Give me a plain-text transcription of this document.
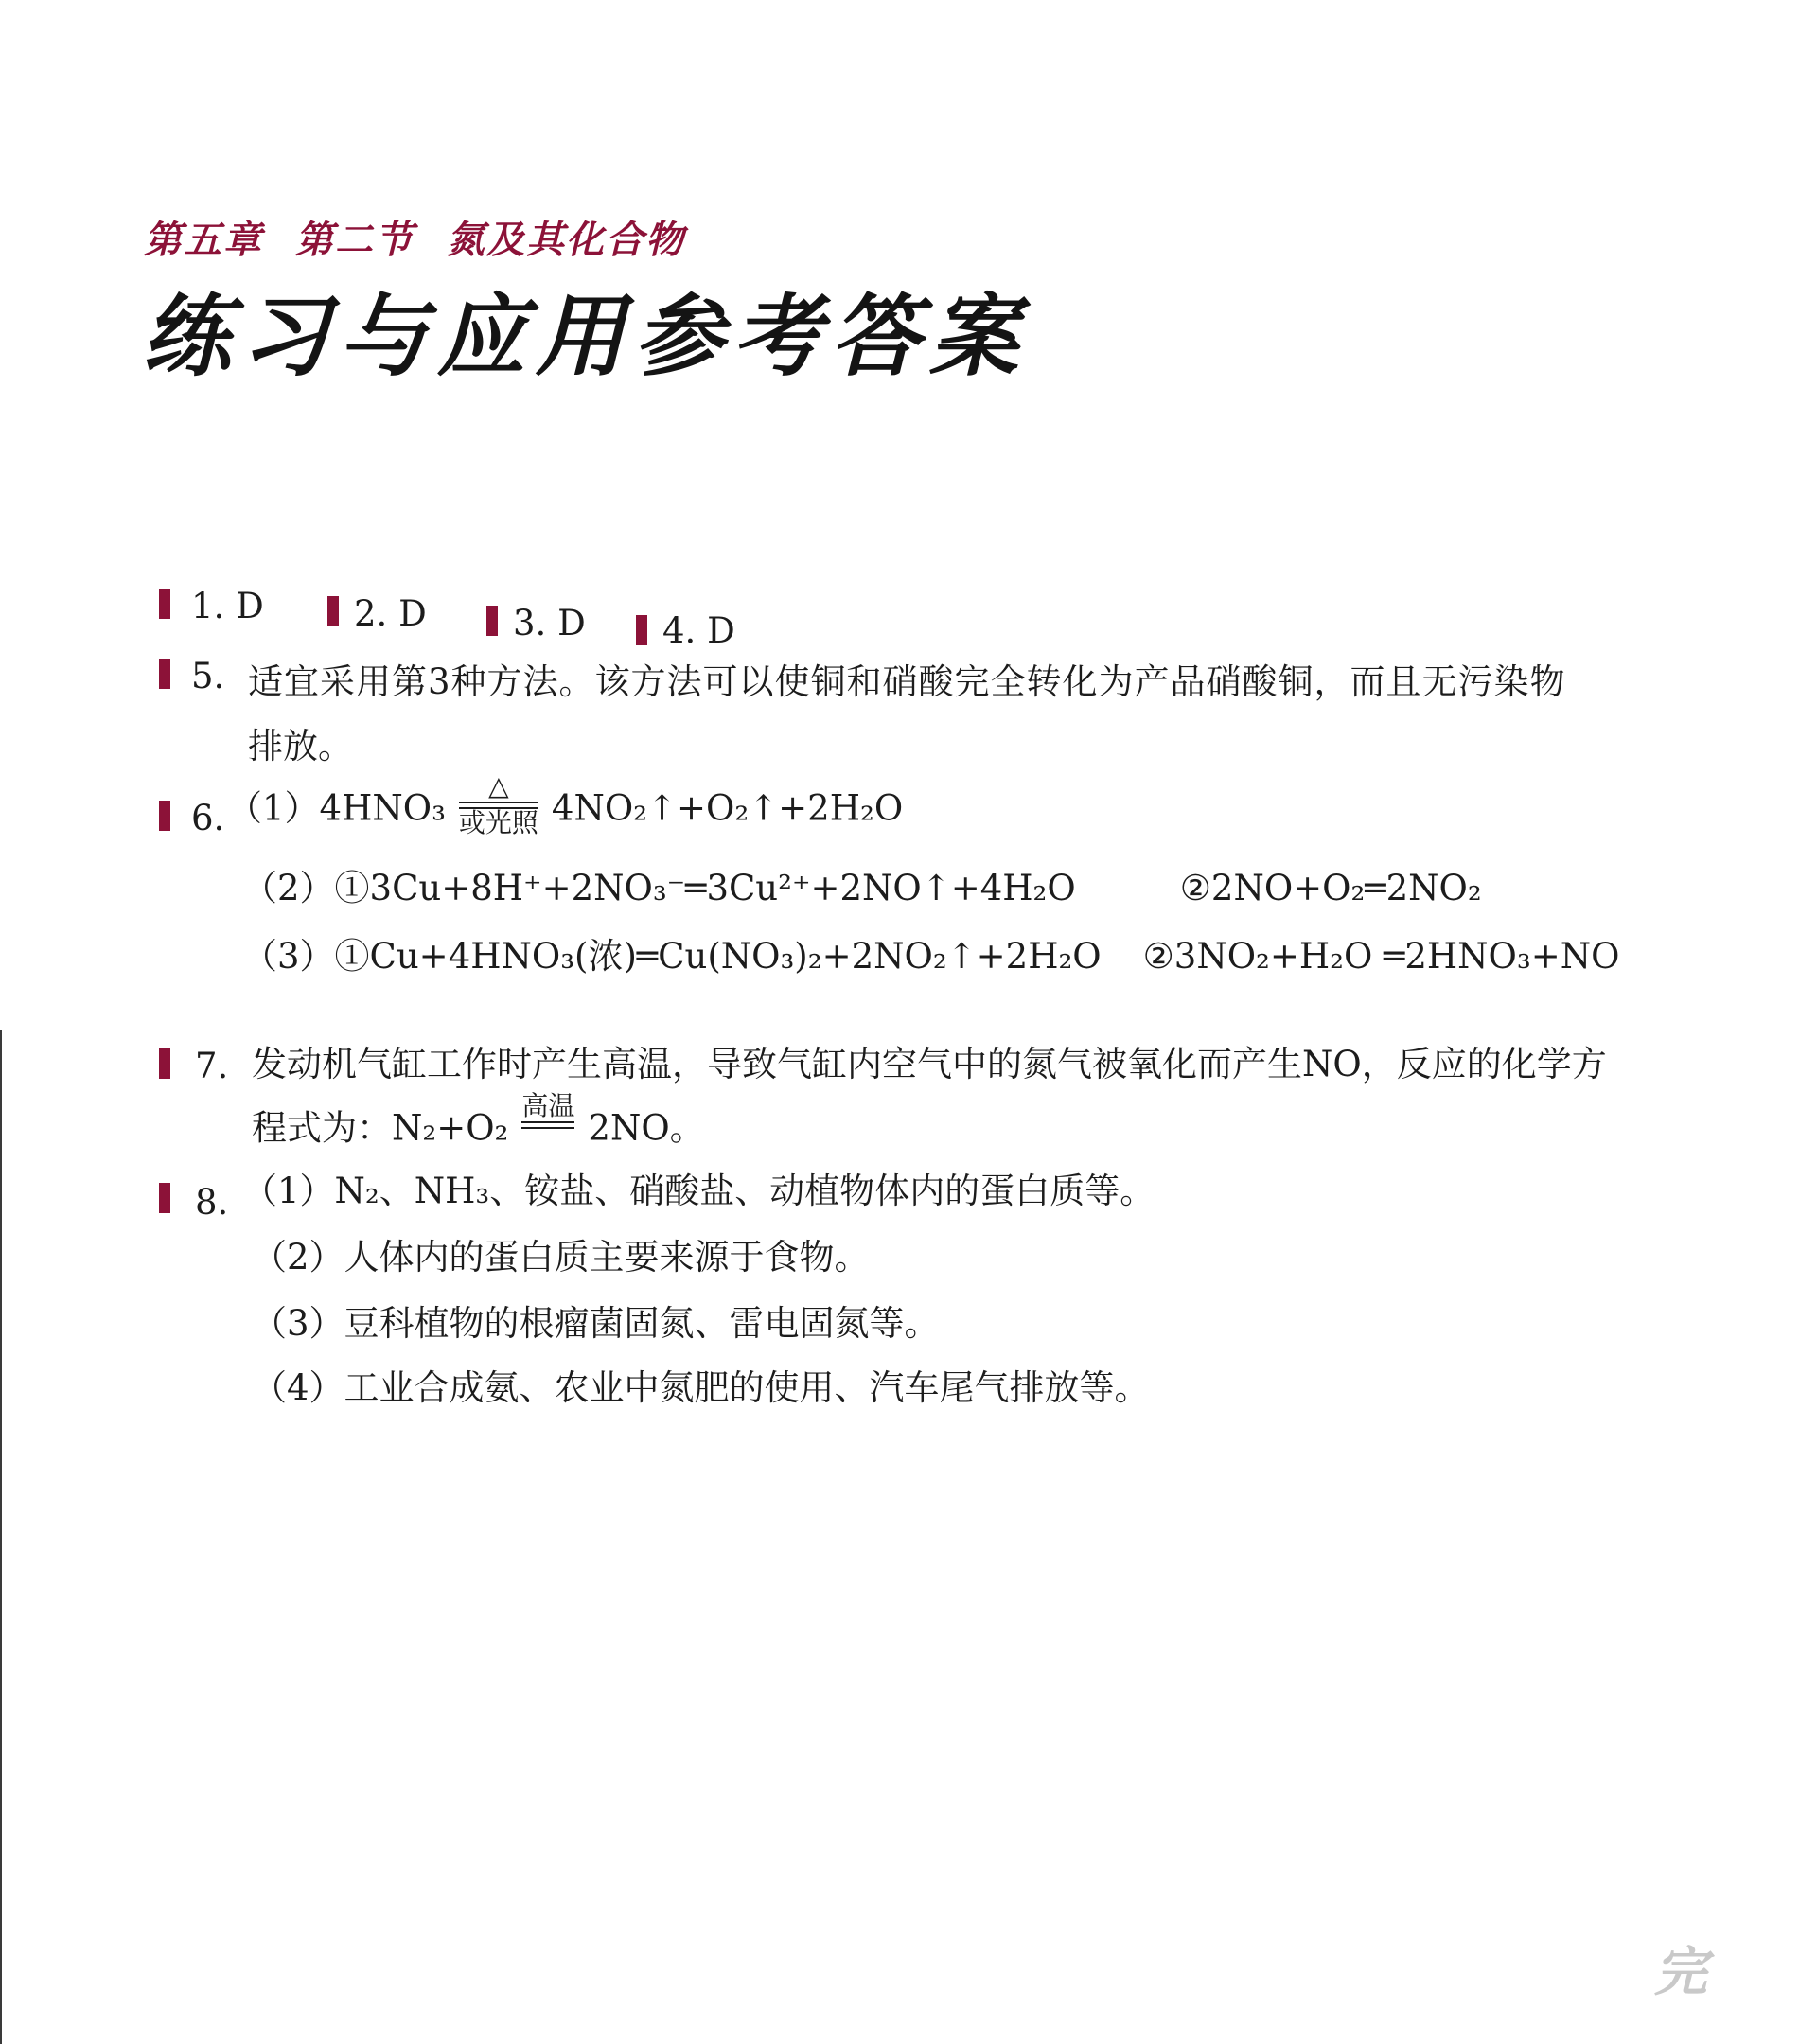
第五章 第二节 氮及其化合物
练习与应用参考答案
1. D	2. D 3. D 4. D
5. 适宜采用第3种方法。该方法可以使铜和硝酸完全转化为产品硝酸铜，而且无污染物
排放。
6. （1）4HNO₃
△
或光照 4NO₂↑+O₂↑+2H₂O
（2）①3Cu+8H⁺+2NO₃⁻═3Cu²⁺+2NO↑+4H₂O	②2NO+O₂═2NO₂
（3）①Cu+4HNO₃(浓)═Cu(NO₃)₂+2NO₂↑+2H₂O ②3NO₂+H₂O ═2HNO₃+NO
7. 发动机气缸工作时产生高温，导致气缸内空气中的氮气被氧化而产生NO，反应的化学方
程式为：N₂+O₂
高温
2NO。
8. （1）N₂、NH₃、铵盐、硝酸盐、动植物体内的蛋白质等。
（2）人体内的蛋白质主要来源于食物。
（3）豆科植物的根瘤菌固氮、雷电固氮等。
（4）工业合成氨、农业中氮肥的使用、汽车尾气排放等。
完
